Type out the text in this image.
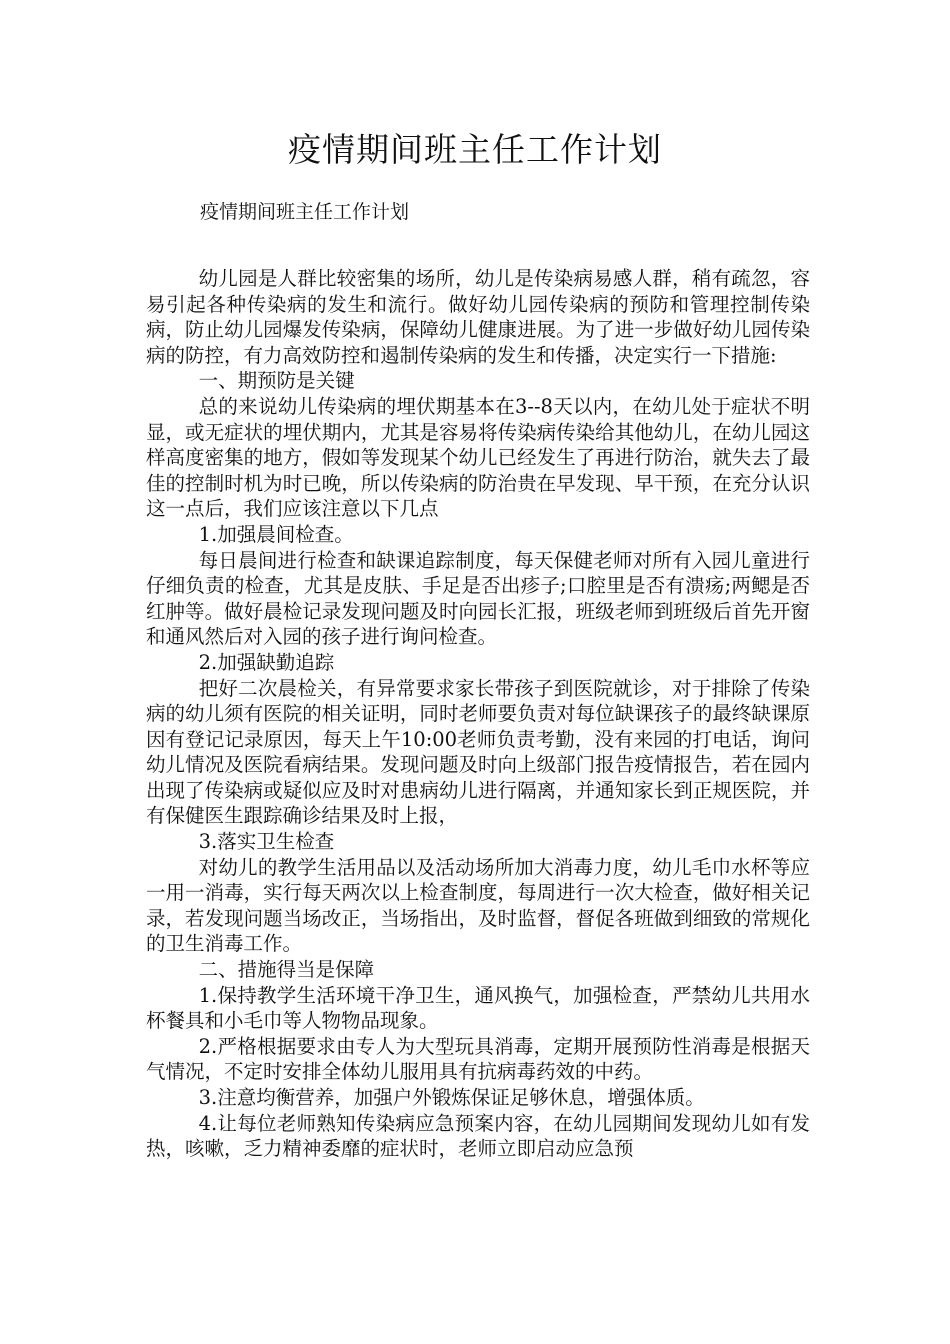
疫情期间班主任工作计划

疫情期间班主任工作计划

幼儿园是人群比较密集的场所，幼儿是传染病易感人群，稍有疏忽，容易引起各种传染病的发生和流行。做好幼儿园传染病的预防和管理控制传染病，防止幼儿园爆发传染病，保障幼儿健康进展。为了进一步做好幼儿园传染病的防控，有力高效防控和遏制传染病的发生和传播，决定实行一下措施:

一、期预防是关键

总的来说幼儿传染病的埋伏期基本在3--8天以内，在幼儿处于症状不明显，或无症状的埋伏期内，尤其是容易将传染病传染给其他幼儿，在幼儿园这样高度密集的地方，假如等发现某个幼儿已经发生了再进行防治，就失去了最佳的控制时机为时已晚，所以传染病的防治贵在早发现、早干预，在充分认识这一点后，我们应该注意以下几点

1.加强晨间检查。

每日晨间进行检查和缺课追踪制度，每天保健老师对所有入园儿童进行仔细负责的检查，尤其是皮肤、手足是否出疹子;口腔里是否有溃疡;两鳃是否红肿等。做好晨检记录发现问题及时向园长汇报，班级老师到班级后首先开窗和通风然后对入园的孩子进行询问检查。

2.加强缺勤追踪

把好二次晨检关，有异常要求家长带孩子到医院就诊，对于排除了传染病的幼儿须有医院的相关证明，同时老师要负责对每位缺课孩子的最终缺课原因有登记记录原因，每天上午10:00老师负责考勤，没有来园的打电话，询问幼儿情况及医院看病结果。发现问题及时向上级部门报告疫情报告，若在园内出现了传染病或疑似应及时对患病幼儿进行隔离，并通知家长到正规医院，并有保健医生跟踪确诊结果及时上报，

3.落实卫生检查

对幼儿的教学生活用品以及活动场所加大消毒力度，幼儿毛巾水杯等应一用一消毒，实行每天两次以上检查制度，每周进行一次大检查，做好相关记录，若发现问题当场改正，当场指出，及时监督，督促各班做到细致的常规化的卫生消毒工作。

二、措施得当是保障

1.保持教学生活环境干净卫生，通风换气，加强检查，严禁幼儿共用水杯餐具和小毛巾等人物物品现象。

2.严格根据要求由专人为大型玩具消毒，定期开展预防性消毒是根据天气情况，不定时安排全体幼儿服用具有抗病毒药效的中药。

3.注意均衡营养，加强户外锻炼保证足够休息，增强体质。

4.让每位老师熟知传染病应急预案内容，在幼儿园期间发现幼儿如有发热，咳嗽，乏力精神委靡的症状时，老师立即启动应急预
